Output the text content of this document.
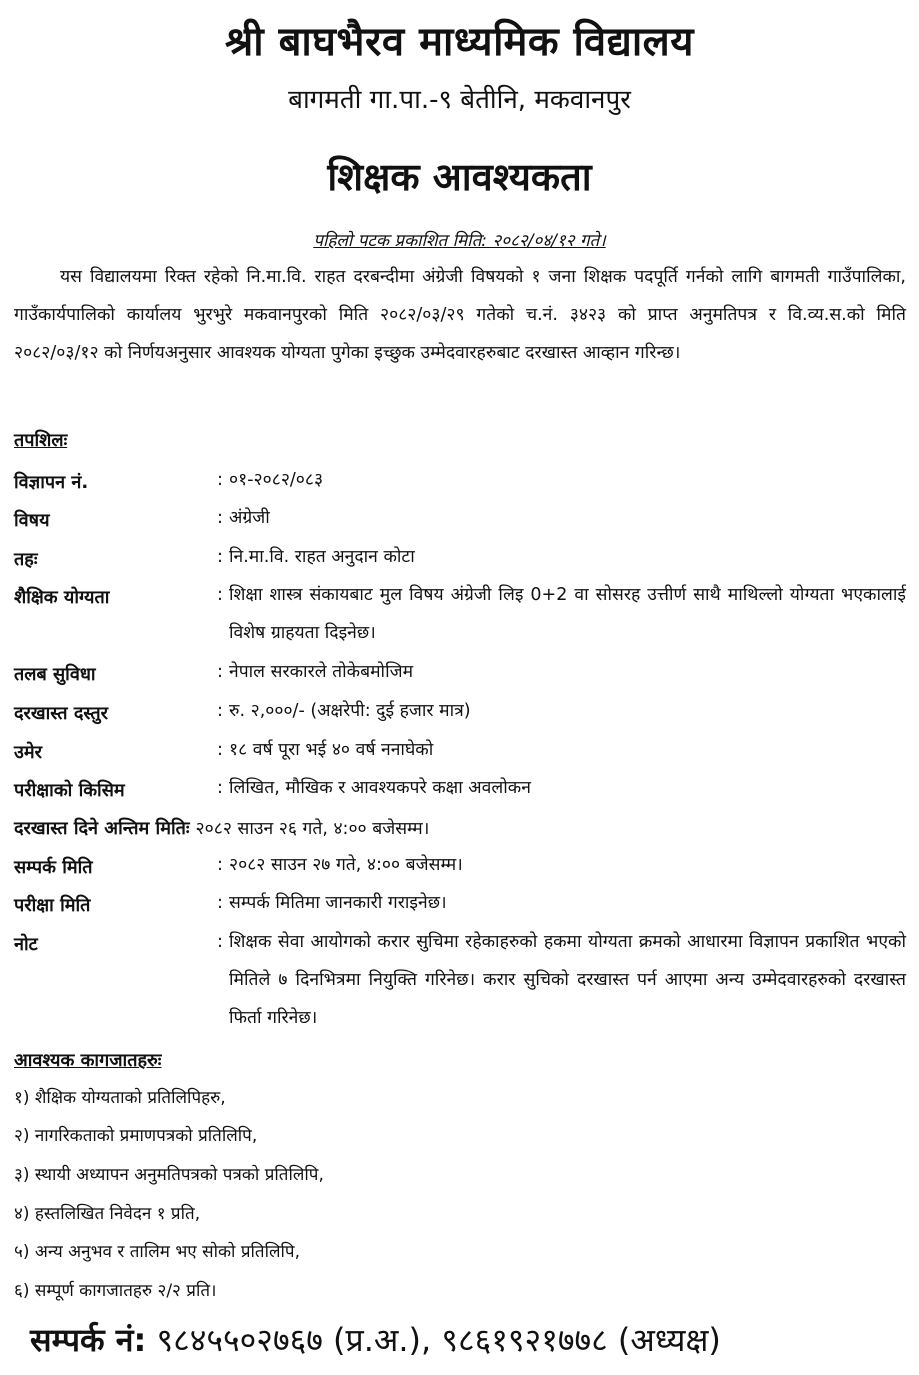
श्री बाघभैरव माध्यमिक विद्यालय
बागमती गा.पा.-९ बेतीनि, मकवानपुर
शिक्षक आवश्यकता
पहिलो पटक प्रकाशित मिति: २०८२/०४/१२ गते।
यस विद्यालयमा रिक्त रहेको नि.मा.वि. राहत दरबन्दीमा अंग्रेजी विषयको १ जना शिक्षक पदपूर्ति गर्नको लागि बागमती गाउँपालिका, गाउँकार्यपालिको कार्यालय भुरभुरे मकवानपुरको मिति २०८२/०३/२९ गतेको च.नं. ३४२३ को प्राप्त अनुमतिपत्र र वि.व्य.स.को मिति २०८२/०३/१२ को निर्णयअनुसार आवश्यक योग्यता पुगेका इच्छुक उम्मेदवारहरुबाट दरखास्त आव्हान गरिन्छ।
तपशिलः
विज्ञापन नं.	: ०१-२०८२/०८३
विषय	: अंग्रेजी
तहः	: नि.मा.वि. राहत अनुदान कोटा
शैक्षिक योग्यता	: शिक्षा शास्त्र संकायबाट मुल विषय अंग्रेजी लिइ 0+2 वा सोसरह उत्तीर्ण साथै माथिल्लो योग्यता भएकालाई विशेष ग्राहयता दिइनेछ।
तलब सुविधा	: नेपाल सरकारले तोकेबमोजिम
दरखास्त दस्तुर	: रु. २,०००/- (अक्षरेपी: दुई हजार मात्र)
उमेर	: १८ वर्ष पूरा भई ४० वर्ष ननाघेको
परीक्षाको किसिम	: लिखित, मौखिक र आवश्यकपरे कक्षा अवलोकन
दरखास्त दिने अन्तिम मितिः २०८२ साउन २६ गते, ४:०० बजेसम्म।
सम्पर्क मिति	: २०८२ साउन २७ गते, ४:०० बजेसम्म।
परीक्षा मिति	: सम्पर्क मितिमा जानकारी गराइनेछ।
नोट	: शिक्षक सेवा आयोगको करार सुचिमा रहेकाहरुको हकमा योग्यता क्रमको आधारमा विज्ञापन प्रकाशित भएको मितिले ७ दिनभित्रमा नियुक्ति गरिनेछ। करार सुचिको दरखास्त पर्न आएमा अन्य उम्मेदवारहरुको दरखास्त फिर्ता गरिनेछ।
आवश्यक कागजातहरुः
१) शैक्षिक योग्यताको प्रतिलिपिहरु,
२) नागरिकताको प्रमाणपत्रको प्रतिलिपि,
३) स्थायी अध्यापन अनुमतिपत्रको पत्रको प्रतिलिपि,
४) हस्तलिखित निवेदन १ प्रति,
५) अन्य अनुभव र तालिम भए सोको प्रतिलिपि,
६) सम्पूर्ण कागजातहरु २/२ प्रति।
सम्पर्क नं: ९८४५५०२७६७ (प्र.अ.), ९८६१९२१७७८ (अध्यक्ष)
